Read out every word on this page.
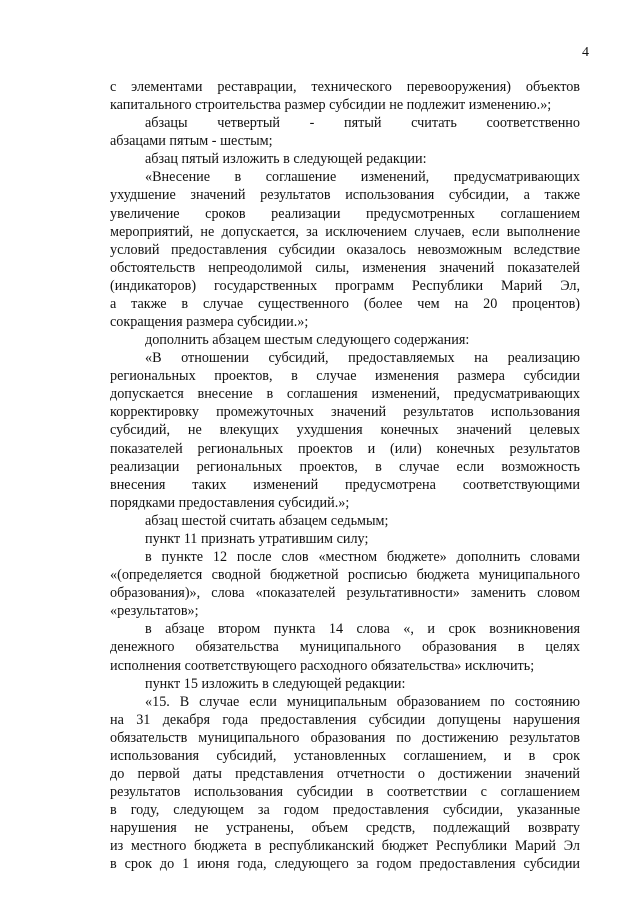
4

с элементами реставрации, технического перевооружения) объектов

капитального строительства размер субсидии не подлежит изменению.»;

абзацы четвертый - пятый считать соответственно

абзацами пятым - шестым;

абзац пятый изложить в следующей редакции:

«Внесение в соглашение изменений, предусматривающих

ухудшение значений результатов использования субсидии, а также

увеличение сроков реализации предусмотренных соглашением

мероприятий, не допускается, за исключением случаев, если выполнение

условий предоставления субсидии оказалось невозможным вследствие

обстоятельств непреодолимой силы, изменения значений показателей

(индикаторов) государственных программ Республики Марий Эл,

а также в случае существенного (более чем на 20 процентов)

сокращения размера субсидии.»;

дополнить абзацем шестым следующего содержания:

«В отношении субсидий, предоставляемых на реализацию

региональных проектов, в случае изменения размера субсидии

допускается внесение в соглашения изменений, предусматривающих

корректировку промежуточных значений результатов использования

субсидий, не влекущих ухудшения конечных значений целевых

показателей региональных проектов и (или) конечных результатов

реализации региональных проектов, в случае если возможность

внесения таких изменений предусмотрена соответствующими

порядками предоставления субсидий.»;

абзац шестой считать абзацем седьмым;

пункт 11 признать утратившим силу;

в пункте 12 после слов «местном бюджете» дополнить словами

«(определяется сводной бюджетной росписью бюджета муниципального

образования)», слова «показателей результативности» заменить словом

«результатов»;

в абзаце втором пункта 14 слова «, и срок возникновения

денежного обязательства муниципального образования в целях

исполнения соответствующего расходного обязательства» исключить;

пункт 15 изложить в следующей редакции:

«15. В случае если муниципальным образованием по состоянию

на 31 декабря года предоставления субсидии допущены нарушения

обязательств муниципального образования по достижению результатов

использования субсидий, установленных соглашением, и в срок

до первой даты представления отчетности о достижении значений

результатов использования субсидии в соответствии с соглашением

в году, следующем за годом предоставления субсидии, указанные

нарушения не устранены, объем средств, подлежащий возврату

из местного бюджета в республиканский бюджет Республики Марий Эл

в срок до 1 июня года, следующего за годом предоставления субсидии
